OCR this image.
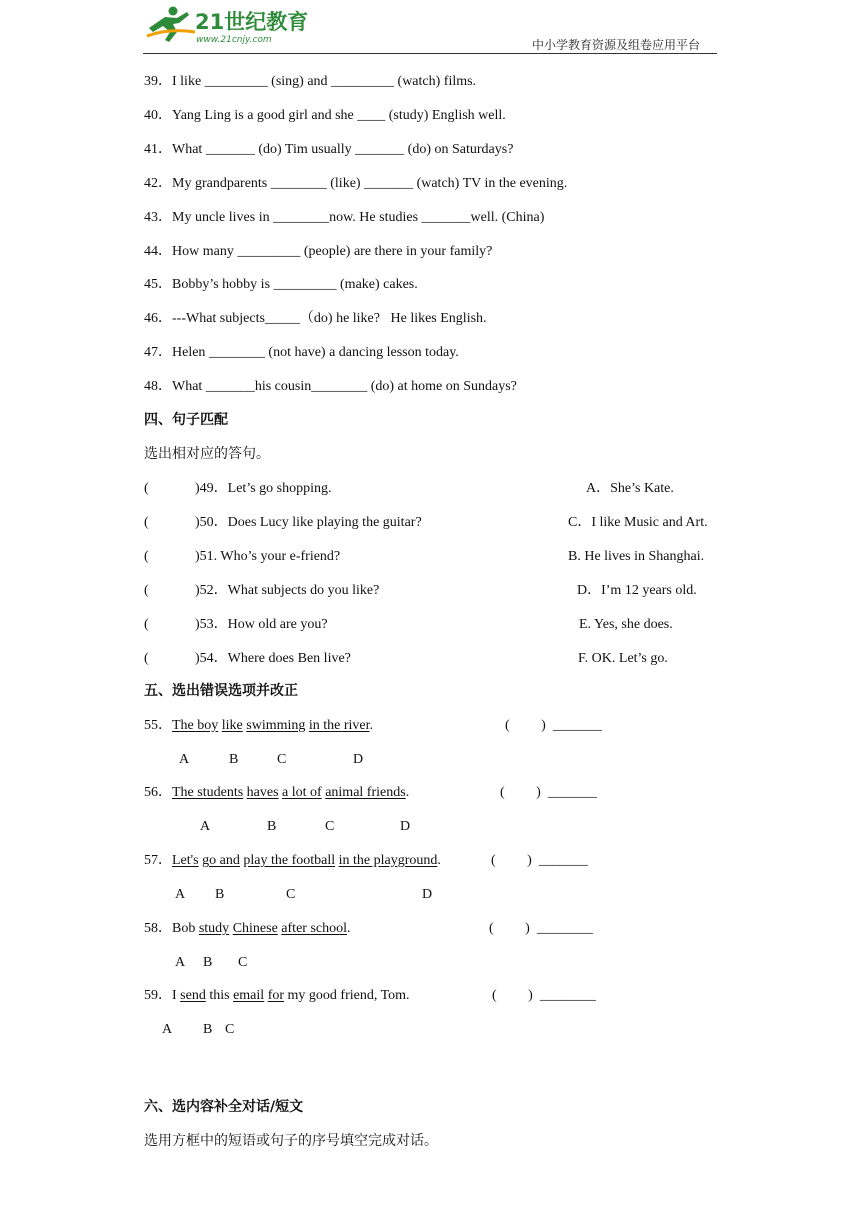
21世纪教育
www.21cnjy.com	中小学教育资源及组卷应用平台
39．I like _________ (sing) and _________ (watch) films.
40．Yang Ling is a good girl and she ____ (study) English well.
41．What _______ (do) Tim usually _______ (do) on Saturdays?
42．My grandparents ________ (like) _______ (watch) TV in the evening.
43．My uncle lives in ________now. He studies _______well. (China)
44．How many _________ (people) are there in your family?
45．Bobby’s hobby is _________ (make) cakes.
46．---What subjects_____（do) he like?   He likes English.
47．Helen ________ (not have) a dancing lesson today.
48．What _______his cousin________ (do) at home on Sundays?
四、句子匹配
选出相对应的答句。
(	)49．Let’s go shopping.	A．She’s Kate.
(	)50．Does Lucy like playing the guitar?	C．I like Music and Art.
(	)51. Who’s your e-friend?	B. He lives in Shanghai.
(	)52．What subjects do you like?	D．I’m 12 years old.
(	)53．How old are you?	E. Yes, she does.
(	)54．Where does Ben live?	F. OK. Let’s go.
五、选出错误选项并改正
55．The boy like swimming in the river.	(         )  _______
A	B	C	D
56．The students haves a lot of animal friends.	(         )  _______
A	B	C	D
57．Let's go and play the football in the playground.	(         )  _______
A B	C	D
58．Bob study Chinese after school.	(         )  ________
A B C
59．I send this email for my good friend, Tom.	(         )  ________
A B C
六、选内容补全对话/短文
选用方框中的短语或句子的序号填空完成对话。
